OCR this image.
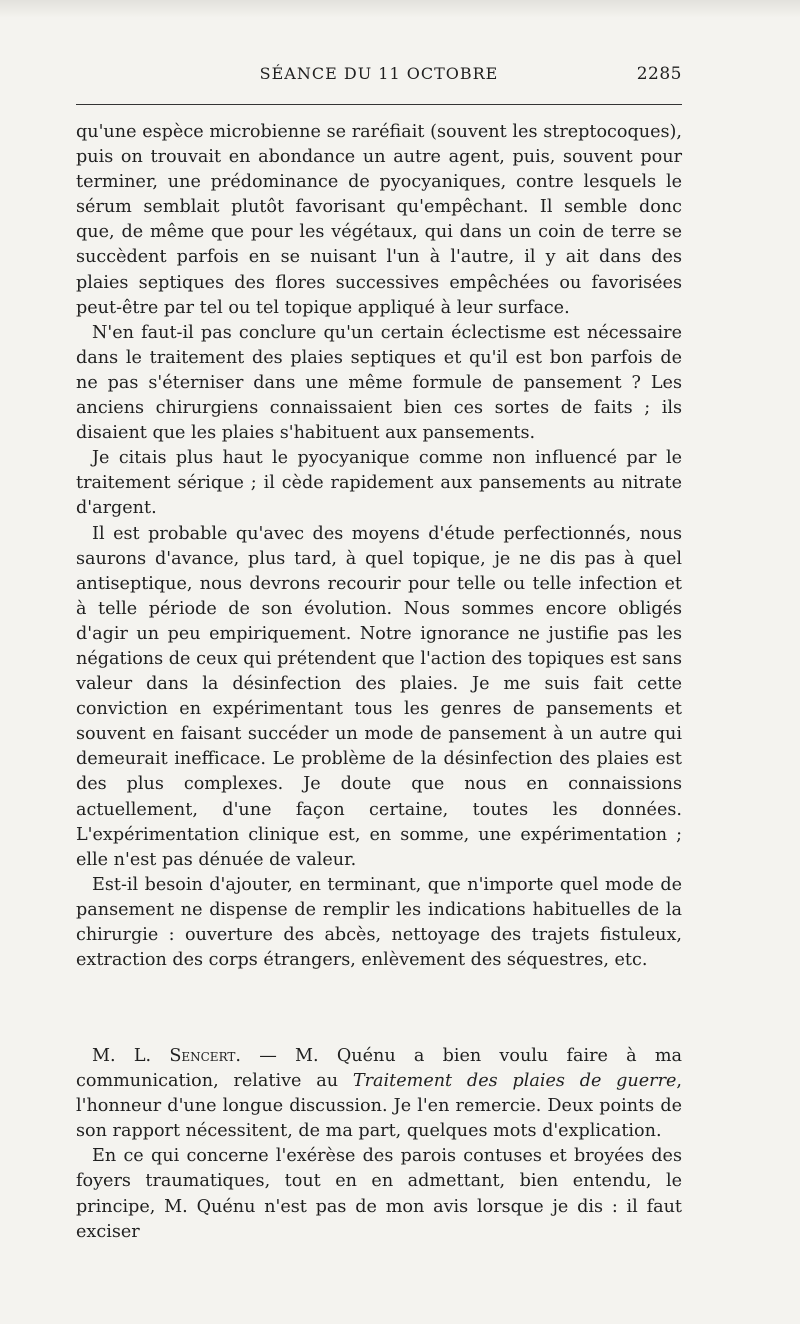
SÉANCE DU 11 OCTOBRE	2285

qu'une espèce microbienne se raréfiait (souvent les streptocoques), puis on trouvait en abondance un autre agent, puis, souvent pour terminer, une prédominance de pyocyaniques, contre lesquels le sérum semblait plutôt favorisant qu'empêchant. Il semble donc que, de même que pour les végétaux, qui dans un coin de terre se succèdent parfois en se nuisant l'un à l'autre, il y ait dans des plaies septiques des flores successives empêchées ou favorisées peut-être par tel ou tel topique appliqué à leur surface.

N'en faut-il pas conclure qu'un certain éclectisme est nécessaire dans le traitement des plaies septiques et qu'il est bon parfois de ne pas s'éterniser dans une même formule de pansement ? Les anciens chirurgiens connaissaient bien ces sortes de faits ; ils disaient que les plaies s'habituent aux pansements.

Je citais plus haut le pyocyanique comme non influencé par le traitement sérique ; il cède rapidement aux pansements au nitrate d'argent.

Il est probable qu'avec des moyens d'étude perfectionnés, nous saurons d'avance, plus tard, à quel topique, je ne dis pas à quel antiseptique, nous devrons recourir pour telle ou telle infection et à telle période de son évolution. Nous sommes encore obligés d'agir un peu empiriquement. Notre ignorance ne justifie pas les négations de ceux qui prétendent que l'action des topiques est sans valeur dans la désinfection des plaies. Je me suis fait cette conviction en expérimentant tous les genres de pansements et souvent en faisant succéder un mode de pansement à un autre qui demeurait inefficace. Le problème de la désinfection des plaies est des plus complexes. Je doute que nous en connaissions actuellement, d'une façon certaine, toutes les données. L'expérimentation clinique est, en somme, une expérimentation ; elle n'est pas dénuée de valeur.

Est-il besoin d'ajouter, en terminant, que n'importe quel mode de pansement ne dispense de remplir les indications habituelles de la chirurgie : ouverture des abcès, nettoyage des trajets fistuleux, extraction des corps étrangers, enlèvement des séquestres, etc.

M. L. Sencert. — M. Quénu a bien voulu faire à ma communication, relative au Traitement des plaies de guerre, l'honneur d'une longue discussion. Je l'en remercie. Deux points de son rapport nécessitent, de ma part, quelques mots d'explication.

En ce qui concerne l'exérèse des parois contuses et broyées des foyers traumatiques, tout en en admettant, bien entendu, le principe, M. Quénu n'est pas de mon avis lorsque je dis : il faut exciser
